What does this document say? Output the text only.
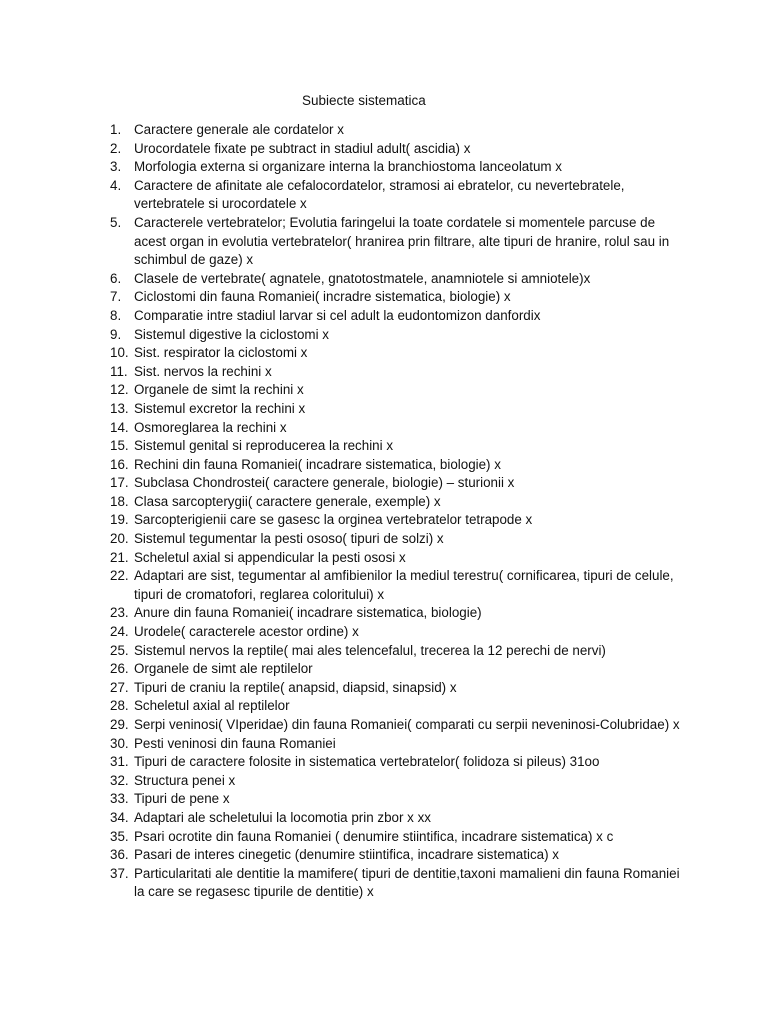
Subiecte sistematica
1. Caractere generale ale cordatelor x
2. Urocordatele fixate pe subtract in stadiul adult( ascidia) x
3. Morfologia externa si organizare interna la branchiostoma lanceolatum x
4. Caractere de afinitate ale cefalocordatelor, stramosi ai ebratelor, cu nevertebratele, vertebratele si urocordatele x
5. Caracterele vertebratelor; Evolutia faringelui la toate cordatele si momentele parcuse de acest organ in evolutia vertebratelor( hranirea prin filtrare, alte tipuri de hranire, rolul sau in schimbul de gaze) x
6. Clasele de vertebrate( agnatele, gnatotostmatele, anamniotele si amniotele)x
7. Ciclostomi din fauna Romaniei( incradre sistematica, biologie) x
8. Comparatie intre stadiul larvar si cel adult la eudontomizon danfordix
9. Sistemul digestive la ciclostomi x
10. Sist. respirator la ciclostomi x
11. Sist. nervos la rechini x
12. Organele de simt la rechini x
13. Sistemul excretor la rechini x
14. Osmoreglarea la rechini x
15. Sistemul genital si reproducerea la rechini x
16. Rechini din fauna Romaniei( incadrare sistematica, biologie) x
17. Subclasa Chondrostei( caractere generale, biologie) – sturionii x
18. Clasa sarcopterygii( caractere generale, exemple) x
19. Sarcopterigienii care se gasesc la orginea vertebratelor tetrapode x
20. Sistemul tegumentar la pesti ososo( tipuri de solzi) x
21. Scheletul axial si appendicular la pesti ososi x
22. Adaptari are sist, tegumentar al amfibienilor la mediul terestru( cornificarea, tipuri de celule, tipuri de cromatofori, reglarea coloritului) x
23. Anure din fauna Romaniei( incadrare sistematica, biologie)
24. Urodele( caracterele acestor ordine) x
25. Sistemul nervos la reptile( mai ales telencefalul, trecerea la 12 perechi de nervi)
26. Organele de simt ale reptilelor
27. Tipuri de craniu la reptile( anapsid, diapsid, sinapsid) x
28. Scheletul axial al reptilelor
29. Serpi veninosi( VIperidae) din fauna Romaniei( comparati cu serpii neveninosi-Colubridae) x
30. Pesti veninosi din fauna Romaniei
31. Tipuri de caractere folosite in sistematica vertebratelor( folidoza si pileus) 31oo
32. Structura penei x
33. Tipuri de pene x
34. Adaptari ale scheletului la locomotia prin zbor x xx
35. Psari ocrotite din fauna Romaniei ( denumire stiintifica, incadrare sistematica) x c
36. Pasari de interes cinegetic (denumire stiintifica, incadrare sistematica) x
37. Particularitati ale dentitie la mamifere( tipuri de dentitie,taxoni mamalieni din fauna Romaniei la care se regasesc tipurile de dentitie) x
